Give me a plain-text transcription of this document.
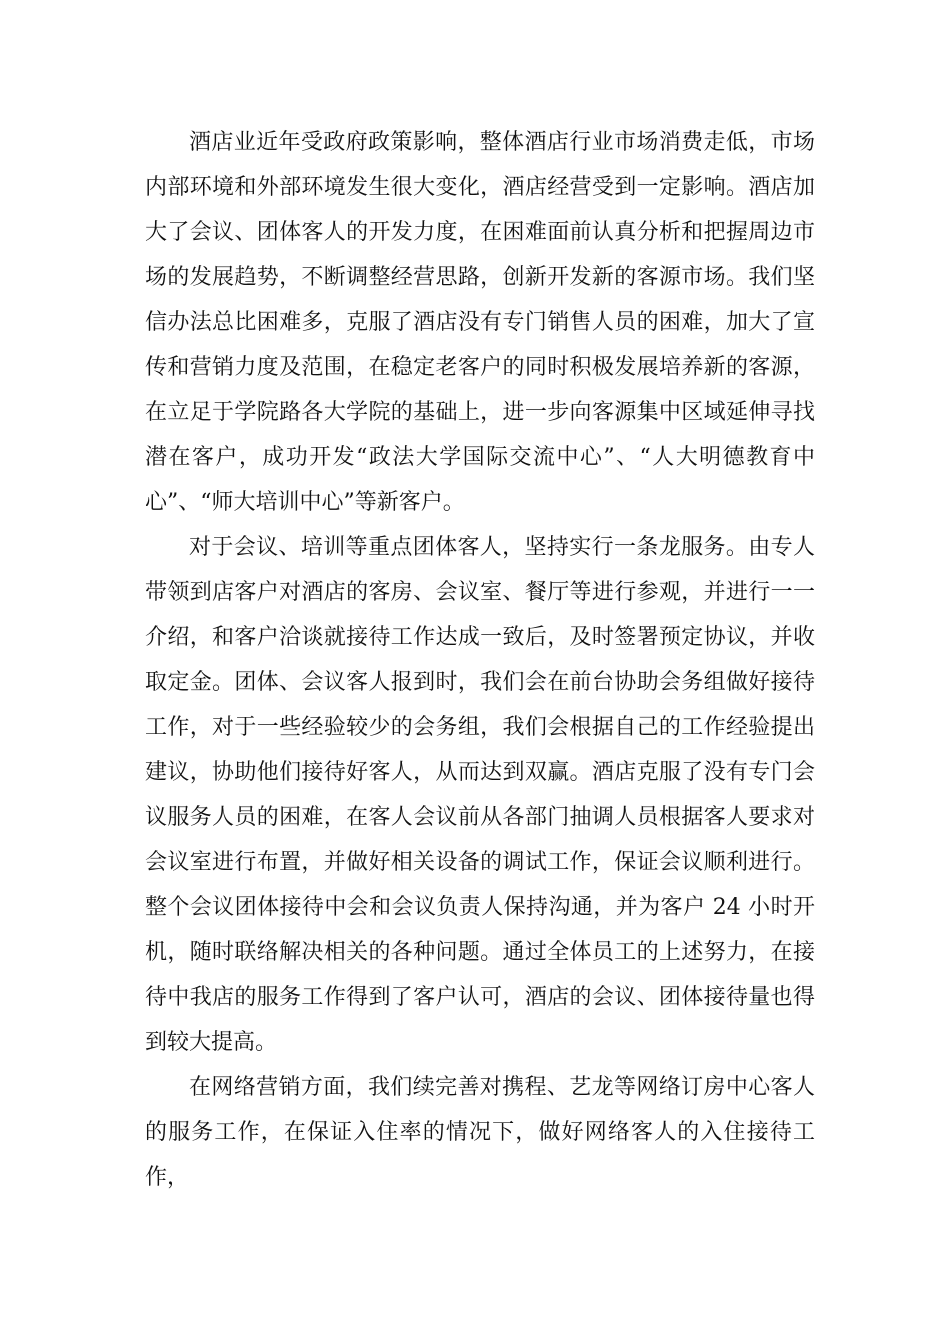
酒店业近年受政府政策影响，整体酒店行业市场消费走低，市场内部环境和外部环境发生很大变化，酒店经营受到一定影响。酒店加大了会议、团体客人的开发力度，在困难面前认真分析和把握周边市场的发展趋势，不断调整经营思路，创新开发新的客源市场。我们坚信办法总比困难多，克服了酒店没有专门销售人员的困难，加大了宣传和营销力度及范围，在稳定老客户的同时积极发展培养新的客源，在立足于学院路各大学院的基础上，进一步向客源集中区域延伸寻找潜在客户，成功开发“政法大学国际交流中心”、“人大明德教育中心”、“师大培训中心”等新客户。

对于会议、培训等重点团体客人，坚持实行一条龙服务。由专人带领到店客户对酒店的客房、会议室、餐厅等进行参观，并进行一一介绍，和客户洽谈就接待工作达成一致后，及时签署预定协议，并收取定金。团体、会议客人报到时，我们会在前台协助会务组做好接待工作，对于一些经验较少的会务组，我们会根据自己的工作经验提出建议，协助他们接待好客人，从而达到双赢。酒店克服了没有专门会议服务人员的困难，在客人会议前从各部门抽调人员根据客人要求对会议室进行布置，并做好相关设备的调试工作，保证会议顺利进行。整个会议团体接待中会和会议负责人保持沟通，并为客户 24 小时开机，随时联络解决相关的各种问题。通过全体员工的上述努力，在接待中我店的服务工作得到了客户认可，酒店的会议、团体接待量也得到较大提高。

在网络营销方面，我们续完善对携程、艺龙等网络订房中心客人的服务工作，在保证入住率的情况下，做好网络客人的入住接待工作，
